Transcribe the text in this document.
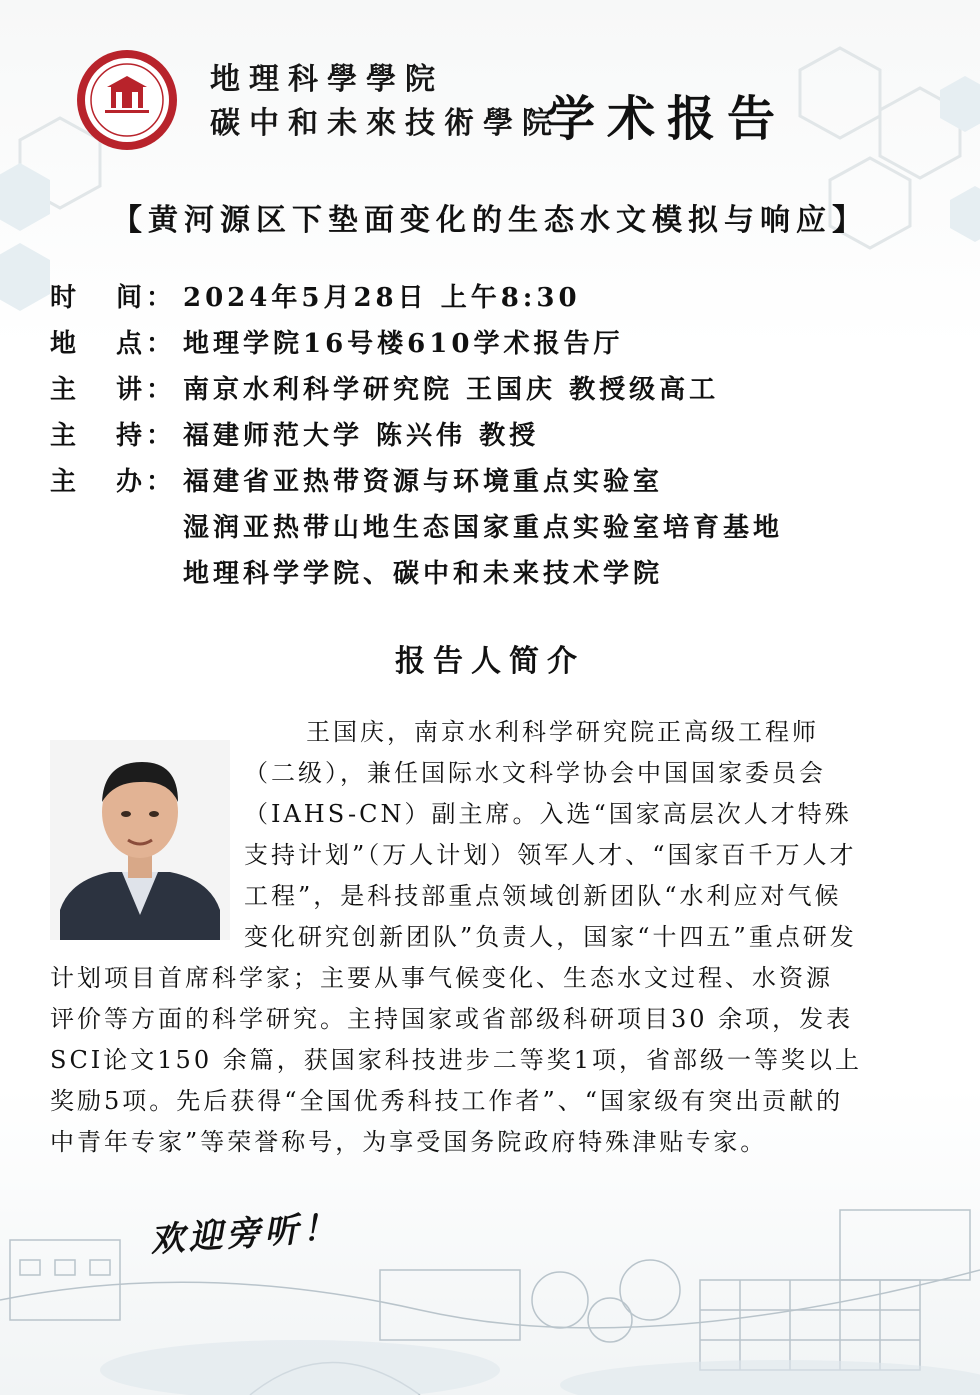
地理科學學院
碳中和未來技術學院
学术报告
【黄河源区下垫面变化的生态水文模拟与响应】
时 间： 2024年5月28日 上午8:30
地 点： 地理学院16号楼610学术报告厅
主 讲： 南京水利科学研究院 王国庆 教授级高工
主 持： 福建师范大学 陈兴伟 教授
主 办： 福建省亚热带资源与环境重点实验室
湿润亚热带山地生态国家重点实验室培育基地
地理科学学院、碳中和未来技术学院
报告人简介
王国庆，南京水利科学研究院正高级工程师
（二级），兼任国际水文科学协会中国国家委员会
（IAHS-CN）副主席。入选“国家高层次人才特殊
支持计划”（万人计划）领军人才、“国家百千万人才
工程”，是科技部重点领域创新团队“水利应对气候
变化研究创新团队”负责人，国家“十四五”重点研发
计划项目首席科学家；主要从事气候变化、生态水文过程、水资源
评价等方面的科学研究。主持国家或省部级科研项目30 余项，发表
SCI论文150 余篇，获国家科技进步二等奖1项，省部级一等奖以上
奖励5项。先后获得“全国优秀科技工作者”、“国家级有突出贡献的
中青年专家”等荣誉称号，为享受国务院政府特殊津贴专家。
欢迎旁听！
